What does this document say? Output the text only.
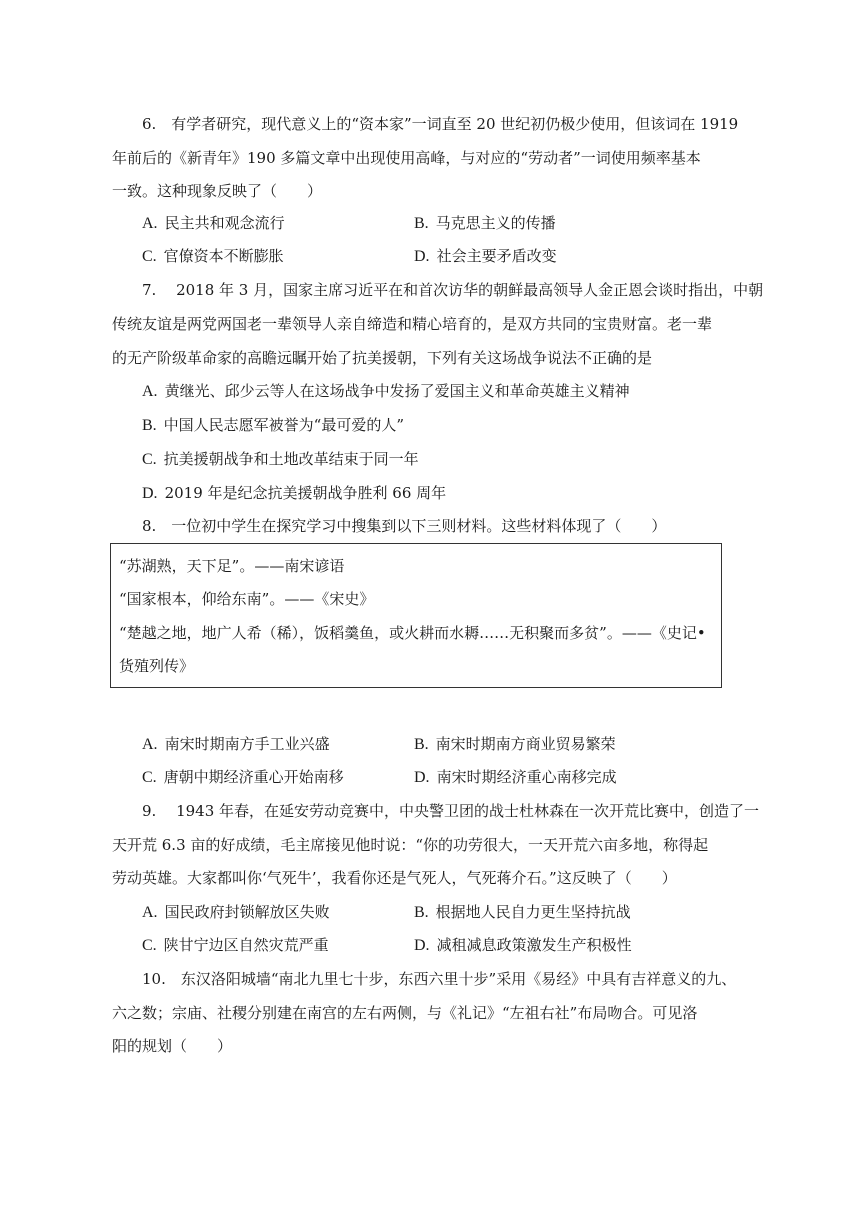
6.　有学者研究，现代意义上的“资本家”一词直至 20 世纪初仍极少使用，但该词在 1919
年前后的《新青年》190 多篇文章中出现使用高峰，与对应的“劳动者”一词使用频率基本
一致。这种现象反映了（　　）
A. 民主共和观念流行	B. 马克思主义的传播
C. 官僚资本不断膨胀	D. 社会主要矛盾改变
7.　 2018 年 3 月，国家主席习近平在和首次访华的朝鲜最高领导人金正恩会谈时指出，中朝
传统友谊是两党两国老一辈领导人亲自缔造和精心培育的，是双方共同的宝贵财富。老一辈
的无产阶级革命家的高瞻远瞩开始了抗美援朝，下列有关这场战争说法不正确的是
A. 黄继光、邱少云等人在这场战争中发扬了爱国主义和革命英雄主义精神
B. 中国人民志愿军被誉为“最可爱的人”
C. 抗美援朝战争和土地改革结束于同一年
D. 2019 年是纪念抗美援朝战争胜利 66 周年
8.　一位初中学生在探究学习中搜集到以下三则材料。这些材料体现了（　　）
“苏湖熟，天下足”。——南宋谚语
“国家根本，仰给东南”。——《宋史》
“楚越之地，地广人希（稀），饭稻羹鱼，或火耕而水耨……无积聚而多贫”。——《史记•
货殖列传》
A. 南宋时期南方手工业兴盛	B. 南宋时期南方商业贸易繁荣
C. 唐朝中期经济重心开始南移	D. 南宋时期经济重心南移完成
9.　 1943 年春，在延安劳动竞赛中，中央警卫团的战士杜林森在一次开荒比赛中，创造了一
天开荒 6.3 亩的好成绩，毛主席接见他时说：“你的功劳很大，一天开荒六亩多地，称得起
劳动英雄。大家都叫你‘气死牛’，我看你还是气死人，气死蒋介石。”这反映了（　　）
A. 国民政府封锁解放区失败	B. 根据地人民自力更生坚持抗战
C. 陕甘宁边区自然灾荒严重	D. 减租减息政策激发生产积极性
10.　东汉洛阳城墙“南北九里七十步，东西六里十步”采用《易经》中具有吉祥意义的九、
六之数；宗庙、社稷分别建在南宫的左右两侧，与《礼记》“左祖右社”布局吻合。可见洛
阳的规划（　　）
